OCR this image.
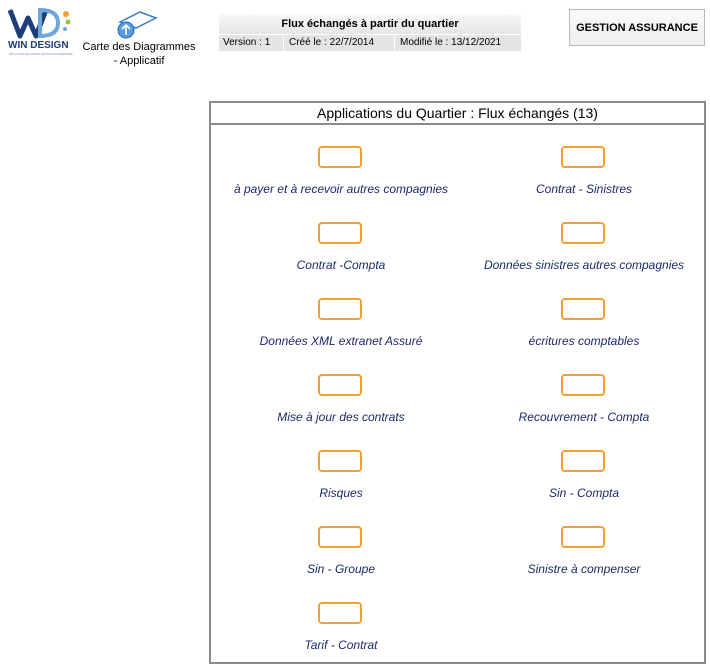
WIN DESIGN
SOLUTION DE MODELISATION ENTREPRISE
Carte des Diagrammes
- Applicatif
Flux échangés à partir du quartier
Version : 1 Créé le : 22/7/2014	Modifié le : 13/12/2021
GESTION ASSURANCE
Applications du Quartier : Flux échangés (13)
à payer et à recevoir autres compagnies	Contrat - Sinistres
Contrat -Compta	Données sinistres autres compagnies
Données XML extranet Assuré	écritures comptables
Mise à jour des contrats	Recouvrement - Compta
Risques	Sin - Compta
Sin - Groupe	Sinistre à compenser
Tarif - Contrat
